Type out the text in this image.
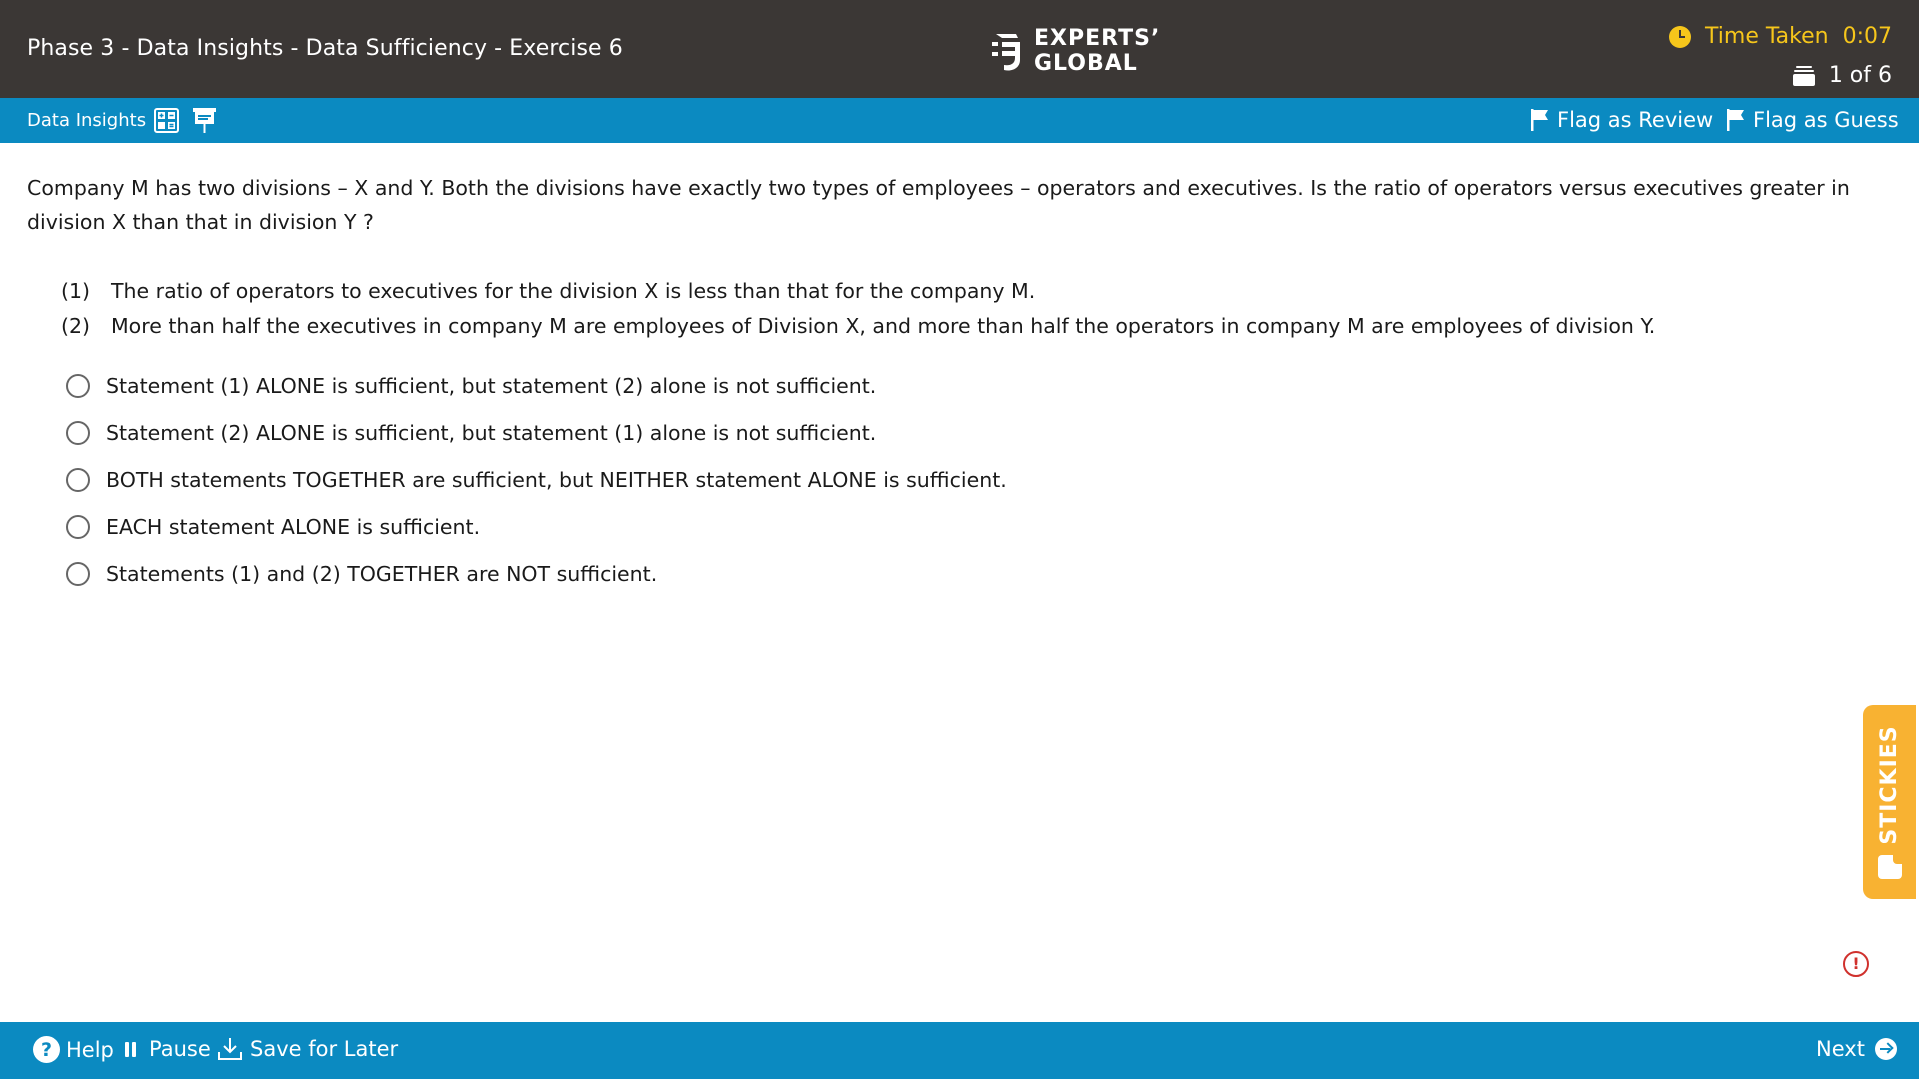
Phase 3 - Data Insights - Data Sufficiency - Exercise 6	EXPERTS’
GLOBAL
Time Taken 0:07
1 of 6
Data Insights	Flag as Review Flag as Guess
Company M has two divisions – X and Y. Both the divisions have exactly two types of employees – operators and executives. Is the ratio of operators versus executives greater in division X than that in division Y ?
(1)	The ratio of operators to executives for the division X is less than that for the company M.
(2)	More than half the executives in company M are employees of Division X, and more than half the operators in company M are employees of division Y.
Statement (1) ALONE is sufficient, but statement (2) alone is not sufficient.
Statement (2) ALONE is sufficient, but statement (1) alone is not sufficient.
BOTH statements TOGETHER are sufficient, but NEITHER statement ALONE is sufficient.
EACH statement ALONE is sufficient.
Statements (1) and (2) TOGETHER are NOT sufficient.
STICKIES
!
? Help Pause Save for Later	Next
